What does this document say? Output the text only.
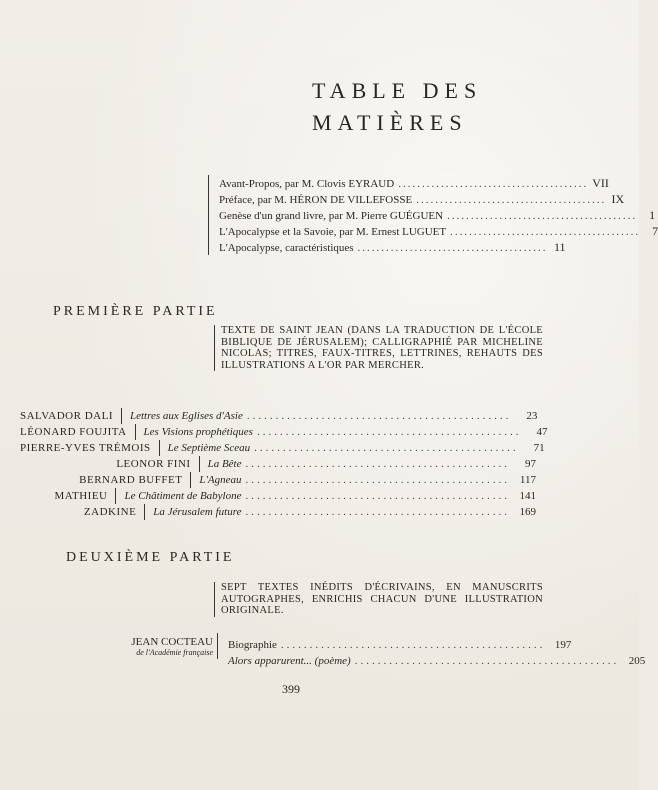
TABLE DES
MATIÈRES
Avant-Propos, par M. Clovis EYRAUD ........................................ VII
Préface, par M. HÉRON DE VILLEFOSSE ........................................ IX
Genèse d'un grand livre, par M. Pierre GUÉGUEN ........................................	1
L'Apocalypse et la Savoie, par M. Ernest LUGUET ........................................	7
L'Apocalypse, caractéristiques ........................................ 11
PREMIÈRE PARTIE
TEXTE DE SAINT JEAN (DANS LA TRADUCTION DE L'ÉCOLE BIBLIQUE DE JÉRUSALEM); CALLIGRAPHIÉ PAR MICHELINE NICOLAS; TITRES, FAUX-TITRES, LETTRINES, REHAUTS DES ILLUSTRATIONS A L'OR PAR MERCHER.
SALVADOR DALI	Lettres aux Eglises d'Asie ..............................................	23
LÉONARD FOUJITA	Les Visions prophétiques ..............................................	47
PIERRE-YVES TRÉMOIS	Le Septième Sceau ..............................................	71
LEONOR FINI	La Bête ..............................................	97
BERNARD BUFFET	L'Agneau .............................................. 117
MATHIEU	Le Châtiment de Babylone .............................................. 141
ZADKINE	La Jérusalem future .............................................. 169
DEUXIÈME PARTIE
SEPT TEXTES INÉDITS D'ÉCRIVAINS, EN MANUSCRITS AUTOGRAPHES, ENRICHIS CHACUN D'UNE ILLUSTRATION ORIGINALE.
JEAN COCTEAU
de l'Académie française
Biographie .............................................. 197
Alors apparurent... (poème) .............................................. 205
399
